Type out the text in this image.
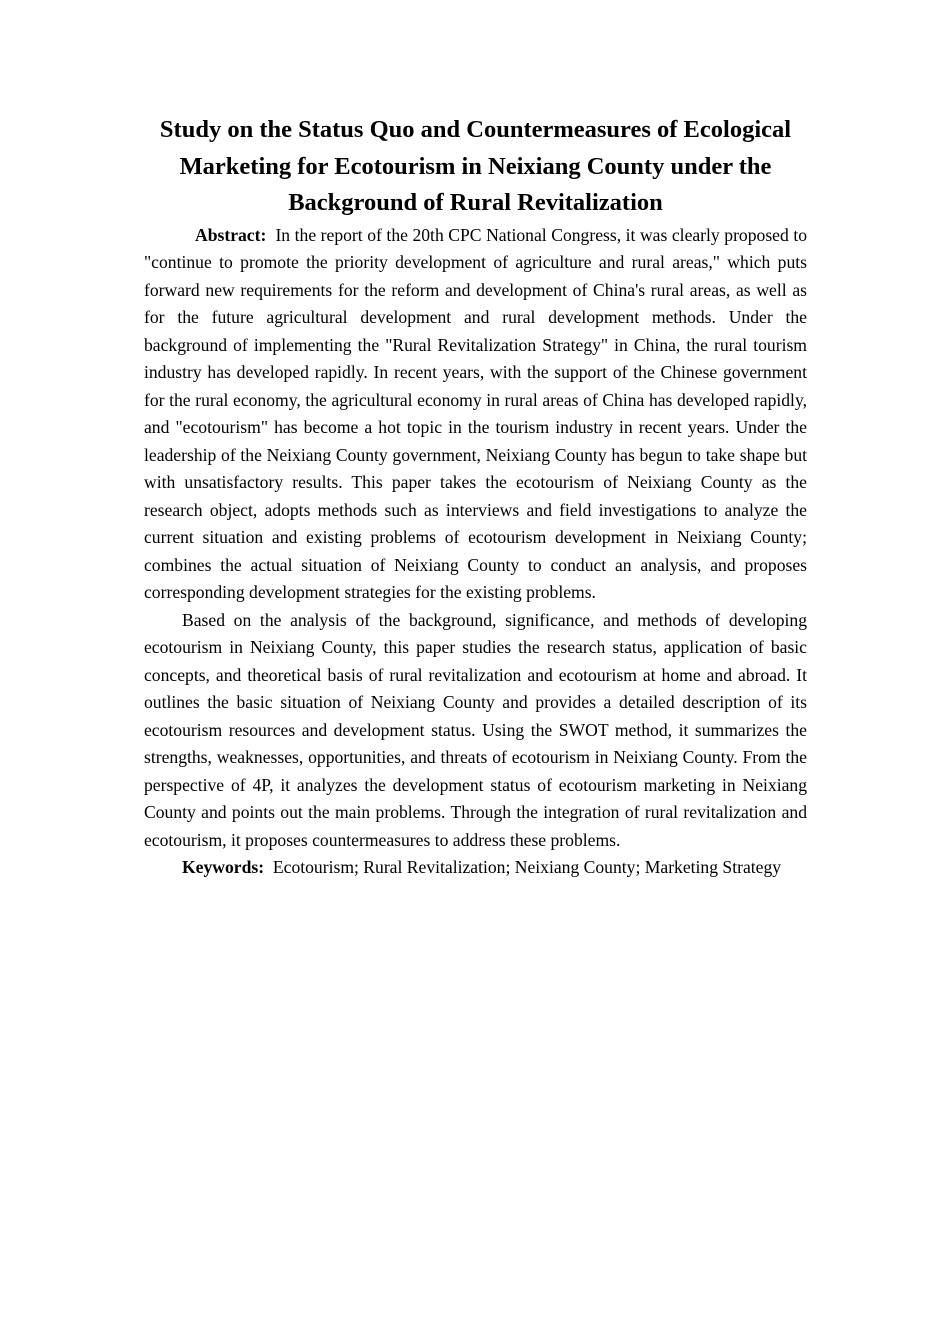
Study on the Status Quo and Countermeasures of Ecological Marketing for Ecotourism in Neixiang County under the Background of Rural Revitalization

Abstract: In the report of the 20th CPC National Congress, it was clearly proposed to "continue to promote the priority development of agriculture and rural areas," which puts forward new requirements for the reform and development of China's rural areas, as well as for the future agricultural development and rural development methods. Under the background of implementing the "Rural Revitalization Strategy" in China, the rural tourism industry has developed rapidly. In recent years, with the support of the Chinese government for the rural economy, the agricultural economy in rural areas of China has developed rapidly, and "ecotourism" has become a hot topic in the tourism industry in recent years. Under the leadership of the Neixiang County government, Neixiang County has begun to take shape but with unsatisfactory results. This paper takes the ecotourism of Neixiang County as the research object, adopts methods such as interviews and field investigations to analyze the current situation and existing problems of ecotourism development in Neixiang County; combines the actual situation of Neixiang County to conduct an analysis, and proposes corresponding development strategies for the existing problems.

Based on the analysis of the background, significance, and methods of developing ecotourism in Neixiang County, this paper studies the research status, application of basic concepts, and theoretical basis of rural revitalization and ecotourism at home and abroad. It outlines the basic situation of Neixiang County and provides a detailed description of its ecotourism resources and development status. Using the SWOT method, it summarizes the strengths, weaknesses, opportunities, and threats of ecotourism in Neixiang County. From the perspective of 4P, it analyzes the development status of ecotourism marketing in Neixiang County and points out the main problems. Through the integration of rural revitalization and ecotourism, it proposes countermeasures to address these problems.

Keywords: Ecotourism; Rural Revitalization; Neixiang County; Marketing Strategy
